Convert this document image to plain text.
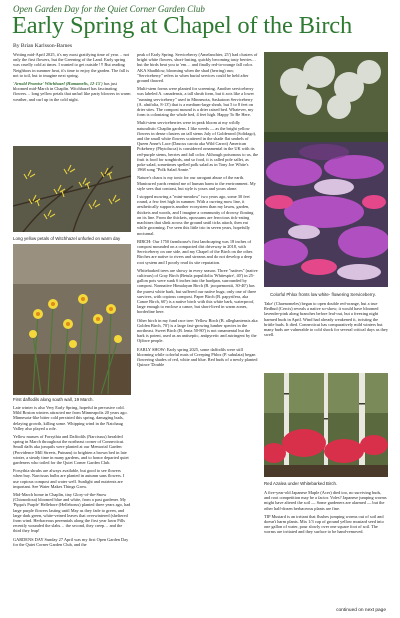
Open Garden Day for the Quiet Corner Garden Club
Early Spring at Chapel of the Birch
By Brian Karlsson-Barnes

Writing mid-April 2025, it's my most gratifying time of year… not only the first flowers, but the Greening of the Land. Early spring was cruelly cold at times. I wanted to get outside !!! But reading Neighbors in summer heat, it's time to enjoy the garden. The fall is not to toil, but to imagine next spring.

'Arnold Promise' Witchhazel (Hamamelis, 12-15') has just bloomed mid-March in Chaplin. Witchhazel has fascinating flowers… long yellow petals that unfurl like party blowers in warm weather, and curl up in the cold night.

Long yellow petals of Witchhazel unfurled on warm day
First daffodils along south wall, 19 March.

Late winter is also Very Early Spring, hopeful in pervasive cold. Mild Boston winters attracted me from Minneapolis 20 years ago. Minnesota-like bitter cold persisted this spring, damaging buds, delaying growth, killing some. Whipping wind in the Natchaug Valley also played a role.

Yellow masses of Forsythia and Daffodils (Narcissus) heralded spring in March throughout the northeast corner of Connecticut. Small daffs aka jonquils were planted at our Memorial Garden (Providence Mill Streets, Putnam) to brighten a brown bed in late winter, a steady time in many gardens, and to honor departed quiet gardeners who toiled for the Quiet Corner Garden Club.

Forsythia shrubs are always available, but good to see flowers when buy. Narcissus bulbs are planted in autumn sans flowers. I use copious compost and water well. Sunlight and nutrients are important. See Water Makes Things Grow.

Mid-March home in Chaplin, tiny Glory-of-the-Snow (Chionodoxa) bloomed blue and white, from a past gardener. My 'Pippa's Purple' Hellebore (Helleborus) planted three years ago, had large purple flowers lasting until May as they fade to green, and large dark green, white-veined leaves that overwintered (sheltered from wind. Herbaceous perennials along the first year lawn Pills recently wounded the slabs… the second, they creep… and the third they leap!

GARDENS DAY Sunday 27 April was my first Open Garden Day for the Quiet Corner Garden Club, and the

peak of Early Spring. Serviceberry (Amelanchier, 25') had clusters of bright white flowers, short-lasting, quickly becoming tasty berries… but the birds beat you to 'em… and finally red-to-orange fall color. AKA Shadblow, blooming when the shad (herring) run; "Serviceberry" refers to when burial services could be held after ground thawed.

Multi-stem forms were planted for screening. Another serviceberry was labeled A. canadensis, a tall shrub form, but it acts like a lower "running serviceberry" used in Minnesota, Saskatoon Serviceberry (A. alnifolia, 8-13') that is a medium-large shrub, but 5 to 8 feet on drier sites. The compost mound is a drier raised bed. Whatever, my form is colonizing the whole bed, 4 feet high. Happy To Be Here.

Multi-stem serviceberries were in peak bloom at my wildly naturalistic Chaplin gardens. I like weeds — as the bright yellow flowers in dense clusters on tall stems July of Goldenrod (Solidago), and the small white flowers scattered in the shade flat umbels of Queen Anne's Lace (Daucus carota aka Wild Carrot) American Pokeberry (Phytolacca) is considered ornamental in the UK with its red-purple stems, berries and fall color. Although poisonous to us, the fruit is food for songbirds, and so food, it is called pole sallet, as poke salad, sometimes spelled polk salad as in Tony Joe White's 1968 song "Polk Salad Annie."

Nature's chaos is my tonic for our arrogant abuse of the earth. Manicured yards remind me of human harm to the environment. My style sees that contrast, but style is yours and yours alone.

I stopped mowing a "mini-meadow" two years ago, some 30 feet round, a few feet high in summer. With a curving mow line, it aesthetically supports another ecosystem than my lawns, garden, thickets and woods, and I imagine a community of drowsy floating on its line. From the thickets, opossums are ferocious tick-eating machines that slink across the ground until ticks attach, then eat while grooming. I've seen this little trio in seven years, hopefully nocturnal.

BIRCH: Our 1750 farmhouse's first landscaping was 18 inches of compost mounded on a compacted dirt driveway in 2018, with Serviceberry on one side, and my Chapel of the Birch on the other. Birches are native to rivers and streams and do not develop a deep root system and I poorly read its site reputation.

Whitebarked trees are showy in every season. Three "natives" (native cultivars) of Gray Birch (Betula populifolia 'Whitespire', 40') in 25-gallon pots were sunk 6 inches into the hardpan, surrounded by compost. Nonnative Himalayan Birch (B. jacquemontii, 30-40') has the purest white bark, but suffered our native bugs; only one of three survives, with copious compost. Paper Birch (B. papyrifera, aka Canoe Birch, 60') is a native birch with this white bark, waterproof, large enough to enclose a canoe, but short-lived in warm zones, borderline here.

Other birch in my fund race tree: Yellow Birch (B. alleghaniensis aka Golden Birch, 70') is a large fast-growing lumber species in the northeast. Sweet Birch (B. lenta 50-80') is not ornamental but the bark is potent, used as an antiseptic, antipyretic and astringent by the Ojibwe people.

EARLY SHOW: Early spring 2025, some daffodils were still blooming while colorful mats of Creeping Phlox (P. subulata) began flowering shades of red, white and blue. Red buds of a newly planted Quince 'Double

Colorful Phlox fronts low white- flowering Serviceberry.

Take' (Chaenomeles) began to open double red-orange, but a true Redbud (Cercis) reveals a native so-show; it would have bloomed lavender-pink along branches before leaf-out, but a freezing night harmed buds in April. Wind had already weakened it, twisting the brittle buds. It died. Connecticut has comparatively mild winters but many buds are vulnerable to cold shock for several critical days as they swell.

Red Azalea under Whitebarked Birch.

A five-year-old Japanese Maple (Acer) died too, no surviving buds, and root competition may be a factor. Voles? Japanese jumping worms might have altered the soil — Some gardeners are alarmed — but the other half-dozen herbaceous plants are fine.

TIP Mustard is an irritant that flushes jumping worms out of soil and doesn't harm plants. Mix 1/3 cup of ground yellow mustard seed into one gallon of water, pour slowly over one square foot of soil. The worms are irritated and they surface to be hand-removed.

continued on next page
